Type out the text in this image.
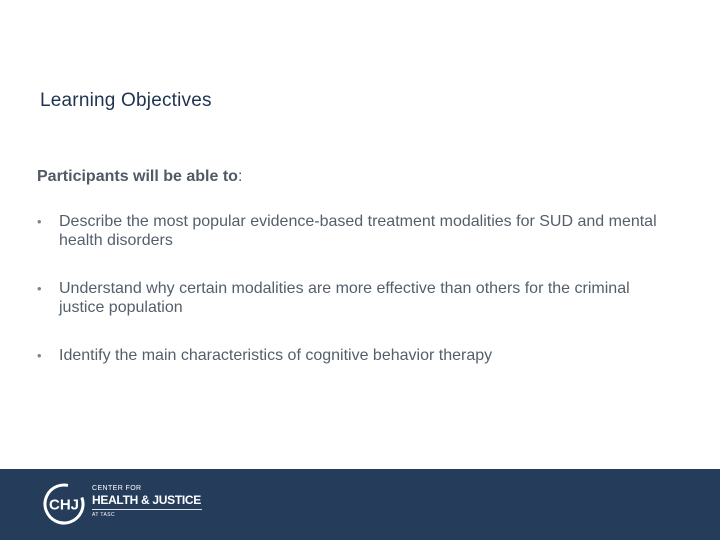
Learning Objectives

Participants will be able to:

• Describe the most popular evidence-based treatment modalities for SUD and mental health disorders
• Understand why certain modalities are more effective than others for the criminal justice population
• Identify the main characteristics of cognitive behavior therapy
CHJ
CENTER FOR
HEALTH & JUSTICE
AT TASC
